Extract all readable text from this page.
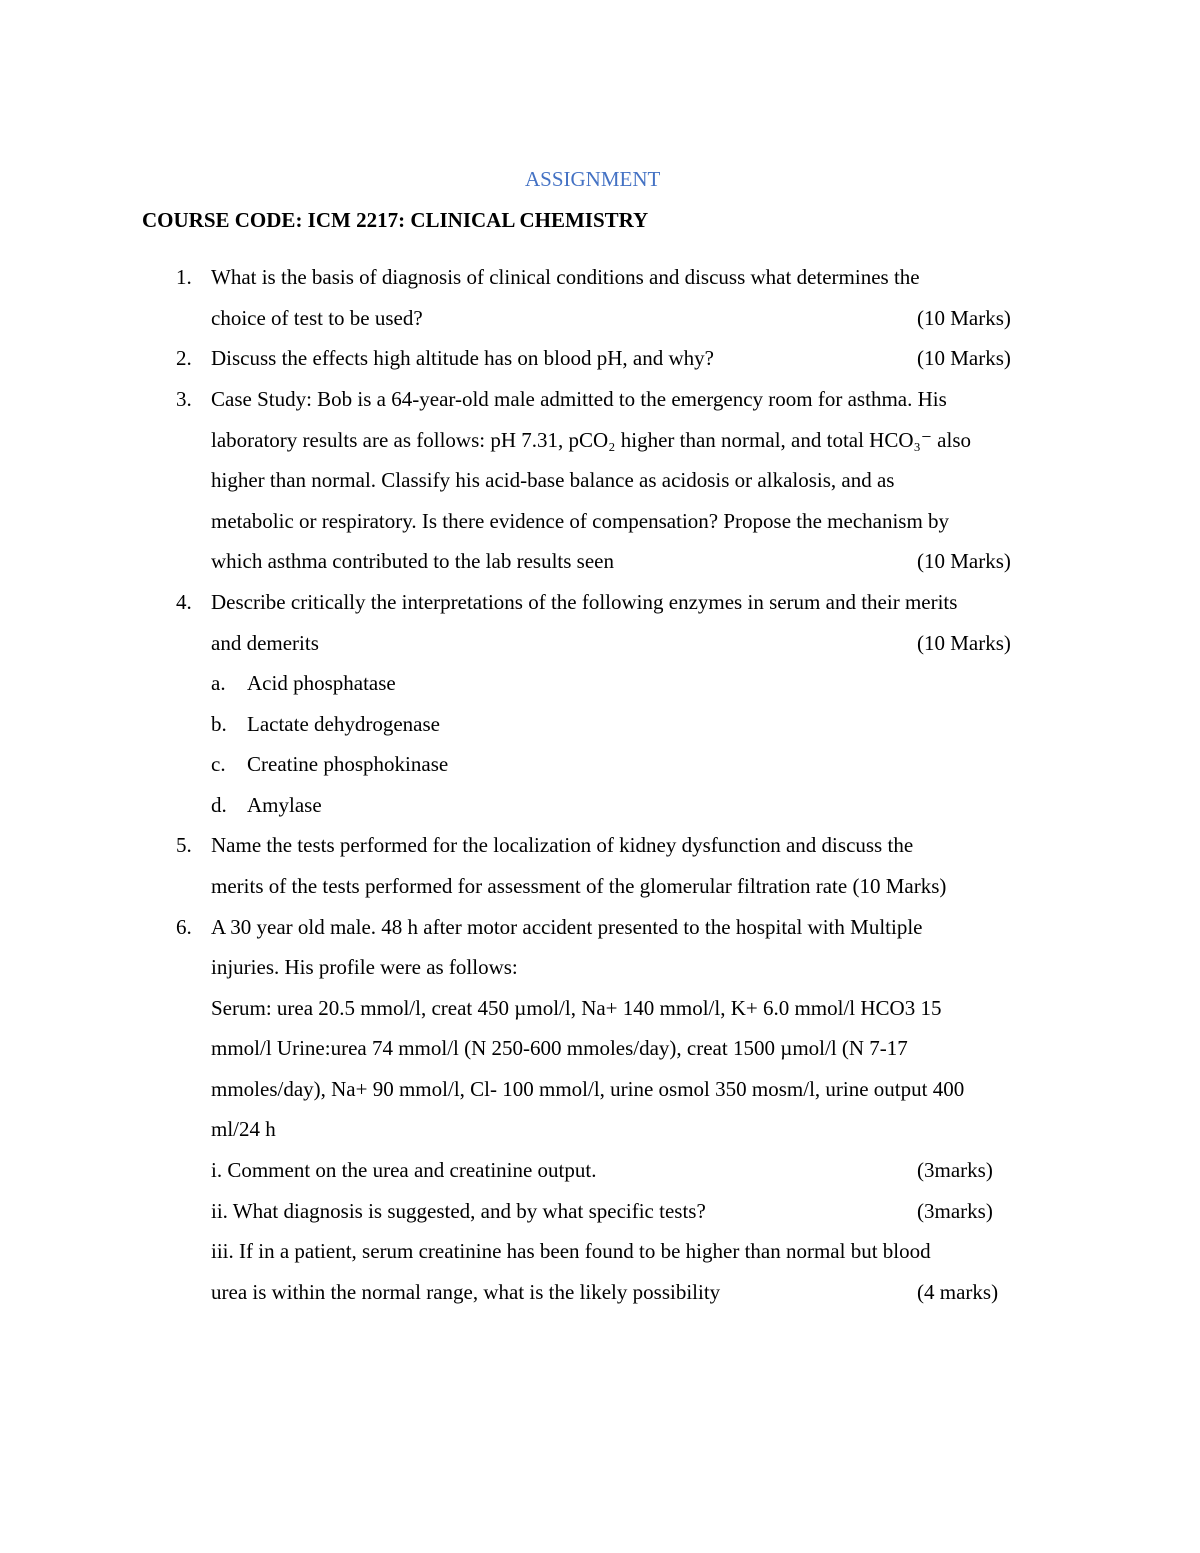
ASSIGNMENT
COURSE CODE: ICM 2217: CLINICAL CHEMISTRY
1. What is the basis of diagnosis of clinical conditions and discuss what determines the
choice of test to be used?	(10 Marks)
2. Discuss the effects high altitude has on blood pH, and why?	(10 Marks)
3. Case Study: Bob is a 64-year-old male admitted to the emergency room for asthma. His
laboratory results are as follows: pH 7.31, pCO₂ higher than normal, and total HCO₃⁻ also
higher than normal. Classify his acid-base balance as acidosis or alkalosis, and as
metabolic or respiratory. Is there evidence of compensation? Propose the mechanism by
which asthma contributed to the lab results seen	(10 Marks)
4. Describe critically the interpretations of the following enzymes in serum and their merits
and demerits	(10 Marks)
a. Acid phosphatase
b. Lactate dehydrogenase
c. Creatine phosphokinase
d. Amylase
5. Name the tests performed for the localization of kidney dysfunction and discuss the
merits of the tests performed for assessment of the glomerular filtration rate (10 Marks)
6. A 30 year old male. 48 h after motor accident presented to the hospital with Multiple
injuries. His profile were as follows:
Serum: urea 20.5 mmol/l, creat 450 µmol/l, Na+ 140 mmol/l, K+ 6.0 mmol/l HCO3 15
mmol/l Urine:urea 74 mmol/l (N 250-600 mmoles/day), creat 1500 µmol/l (N 7-17
mmoles/day), Na+ 90 mmol/l, Cl- 100 mmol/l, urine osmol 350 mosm/l, urine output 400
ml/24 h
i. Comment on the urea and creatinine output.	(3marks)
ii. What diagnosis is suggested, and by what specific tests?	(3marks)
iii. If in a patient, serum creatinine has been found to be higher than normal but blood
urea is within the normal range, what is the likely possibility	(4 marks)
